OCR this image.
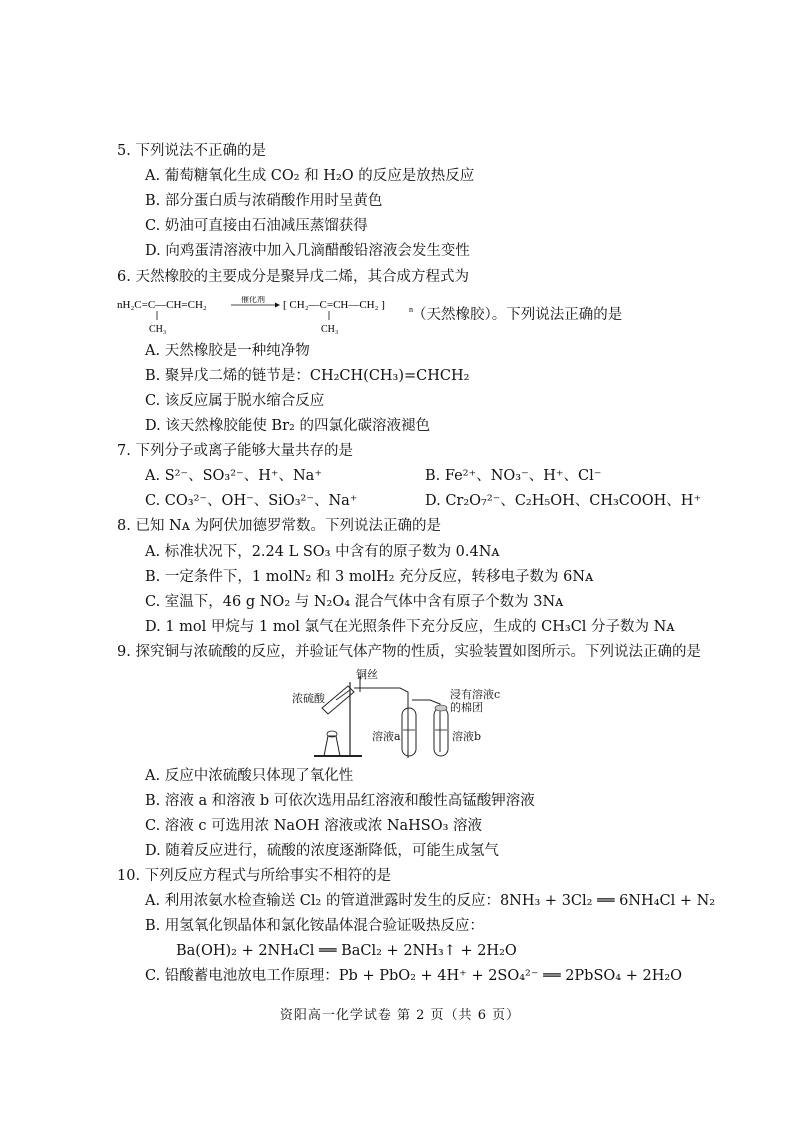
5. 下列说法不正确的是
A. 葡萄糖氧化生成 CO₂ 和 H₂O 的反应是放热反应
B. 部分蛋白质与浓硝酸作用时呈黄色
C. 奶油可直接由石油减压蒸馏获得
D. 向鸡蛋清溶液中加入几滴醋酸铅溶液会发生变性
6. 天然橡胶的主要成分是聚异戊二烯，其合成方程式为
nH₂C=C—CH=CH₂
CH₃
催化剂 [ CH₂—C=CH—CH₂ ]	n
CH₃
（天然橡胶）。下列说法正确的是
A. 天然橡胶是一种纯净物
B. 聚异戊二烯的链节是：CH₂CH(CH₃)=CHCH₂
C. 该反应属于脱水缩合反应
D. 该天然橡胶能使 Br₂ 的四氯化碳溶液褪色
7. 下列分子或离子能够大量共存的是
A. S²⁻、SO₃²⁻、H⁺、Na⁺	B. Fe²⁺、NO₃⁻、H⁺、Cl⁻
C. CO₃²⁻、OH⁻、SiO₃²⁻、Na⁺	D. Cr₂O₇²⁻、C₂H₅OH、CH₃COOH、H⁺
8. 已知 Nᴀ 为阿伏加德罗常数。下列说法正确的是
A. 标准状况下，2.24 L SO₃ 中含有的原子数为 0.4Nᴀ
B. 一定条件下，1 molN₂ 和 3 molH₂ 充分反应，转移电子数为 6Nᴀ
C. 室温下，46 g NO₂ 与 N₂O₄ 混合气体中含有原子个数为 3Nᴀ
D. 1 mol 甲烷与 1 mol 氯气在光照条件下充分反应，生成的 CH₃Cl 分子数为 Nᴀ
9. 探究铜与浓硫酸的反应，并验证气体产物的性质，实验装置如图所示。下列说法正确的是
铜丝
浓硫酸	浸有溶液c
的棉团
溶液a	溶液b
A. 反应中浓硫酸只体现了氧化性
B. 溶液 a 和溶液 b 可依次选用品红溶液和酸性高锰酸钾溶液
C. 溶液 c 可选用浓 NaOH 溶液或浓 NaHSO₃ 溶液
D. 随着反应进行，硫酸的浓度逐渐降低，可能生成氢气
10. 下列反应方程式与所给事实不相符的是
A. 利用浓氨水检查输送 Cl₂ 的管道泄露时发生的反应：8NH₃ + 3Cl₂ ══ 6NH₄Cl + N₂
B. 用氢氧化钡晶体和氯化铵晶体混合验证吸热反应：
Ba(OH)₂ + 2NH₄Cl ══ BaCl₂ + 2NH₃↑ + 2H₂O
C. 铅酸蓄电池放电工作原理：Pb + PbO₂ + 4H⁺ + 2SO₄²⁻ ══ 2PbSO₄ + 2H₂O
资阳高一化学试卷 第 2 页（共 6 页）
